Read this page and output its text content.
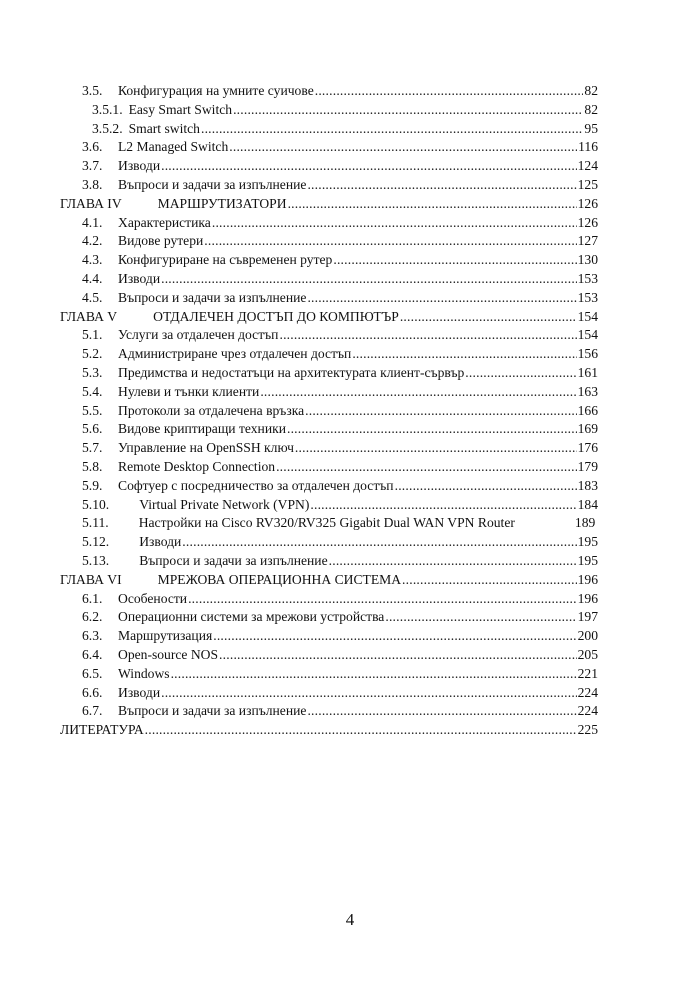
3.5. Конфигурация на умните суичове .....	82
3.5.1. Easy Smart Switch .....	82
3.5.2. Smart switch .....	95
3.6. L2 Managed Switch .....	116
3.7. Изводи .....	124
3.8. Въпроси и задачи за изпълнение .....	125
ГЛАВА IV	МАРШРУТИЗАТОРИ .....	126
4.1. Характеристика .....	126
4.2. Видове рутери .....	127
4.3. Конфигуриране на съвременен рутер .....	130
4.4. Изводи .....	153
4.5. Въпроси и задачи за изпълнение .....	153
ГЛАВА V	ОТДАЛЕЧЕН ДОСТЪП ДО КОМПЮТЪР .....	154
5.1. Услуги за отдалечен достъп .....	154
5.2. Администриране чрез отдалечен достъп .....	156
5.3. Предимства и недостатъци на архитектурата клиент-сървър .....	161
5.4. Нулеви и тънки клиенти .....	163
5.5. Протоколи за отдалечена връзка .....	166
5.6. Видове криптиращи техники .....	169
5.7. Управление на OpenSSH ключ .....	176
5.8. Remote Desktop Connection .....	179
5.9. Софтуер с посредничество за отдалечен достъп .....	183
5.10. Virtual Private Network (VPN) .....	184
5.11. Настройки на Cisco RV320/RV325 Gigabit Dual WAN VPN Router	189
5.12. Изводи .....	195
5.13. Въпроси и задачи за изпълнение .....	195
ГЛАВА VI	МРЕЖОВА ОПЕРАЦИОННА СИСТЕМА .....	196
6.1. Особености .....	196
6.2. Операционни системи за мрежови устройства .....	197
6.3. Маршрутизация .....	200
6.4. Open-source NOS .....	205
6.5. Windows .....	221
6.6. Изводи .....	224
6.7. Въпроси и задачи за изпълнение .....	224
ЛИТЕРАТУРА .....	225
4
